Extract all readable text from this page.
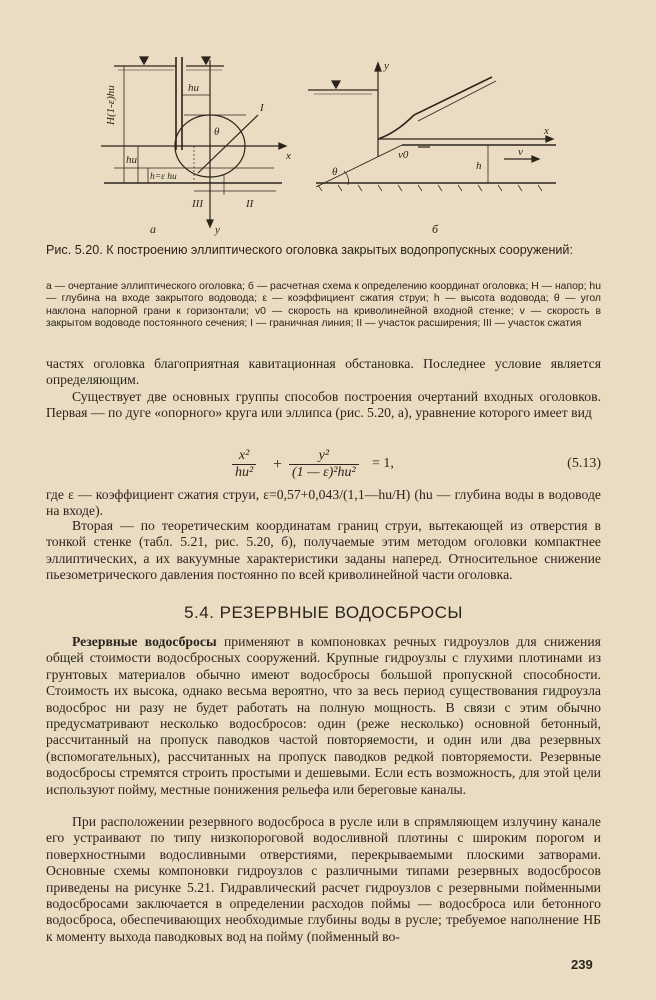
hu
H(1-ε)hu
θ
I
hu
h=ε hu
III	II
y
x
а
y
x
v0	v
h
θ
б
Рис. 5.20. К построению эллиптического оголовка закрытых водопропускных сооружений:
а — очертание эллиптического оголовка; б — расчетная схема к определению координат оголовка; H — напор; hu — глубина на входе закрытого водовода; ε — коэффициент сжатия струи; h — высота водовода; θ — угол наклона напорной грани к горизонтали; v0 — скорость на криволинейной входной стенке; v — скорость в закрытом водоводе постоянного сечения; I — граничная линия; II — участок расширения; III — участок сжатия
частях оголовка благоприятная кавитационная обстановка. Последнее условие является определяющим.
Существует две основных группы способов построения очертаний входных оголовков. Первая — по дуге «опорного» круга или эллипса (рис. 5.20, а), уравнение которого имеет вид
$\frac{\text{x²}}{\text{hu²}} + \frac{\text{y²}}{\text{(1 — ε)²hu²}} = 1$,	(5.13)
где ε — коэффициент сжатия струи, ε=0,57+0,043/(1,1—hu/H) (hu — глубина воды в водоводе на входе).
Вторая — по теоретическим координатам границ струи, вытекающей из отверстия в тонкой стенке (табл. 5.21, рис. 5.20, б), получаемые этим методом оголовки компактнее эллиптических, а их вакуумные характеристики заданы наперед. Относительное снижение пьезометрического давления постоянно по всей криволинейной части оголовка.
5.4. РЕЗЕРВНЫЕ ВОДОСБРОСЫ
Резервные водосбросы применяют в компоновках речных гидроузлов для снижения общей стоимости водосбросных сооружений. Крупные гидроузлы с глухими плотинами из грунтовых материалов обычно имеют водосбросы большой пропускной способности. Стоимость их высока, однако весьма вероятно, что за весь период существования гидроузла водосброс ни разу не будет работать на полную мощность. В связи с этим обычно предусматривают несколько водосбросов: один (реже несколько) основной бетонный, рассчитанный на пропуск паводков частой повторяемости, и один или два резервных (вспомогательных), рассчитанных на пропуск паводков редкой повторяемости. Резервные водосбросы стремятся строить простыми и дешевыми. Если есть возможность, для этой цели используют пойму, местные понижения рельефа или береговые каналы.
При расположении резервного водосброса в русле или в спрямляющем излучину канале его устраивают по типу низкопороговой водосливной плотины с широким порогом и поверхностными водосливными отверстиями, перекрываемыми плоскими затворами. Основные схемы компоновки гидроузлов с различными типами резервных водосбросов приведены на рисунке 5.21. Гидравлический расчет гидроузлов с резервными пойменными водосбросами заключается в определении расходов поймы — водосброса или бетонного водосброса, обеспечивающих необходимые глубины воды в русле; требуемое наполнение НБ к моменту выхода паводковых вод на пойму (пойменный во-
239
